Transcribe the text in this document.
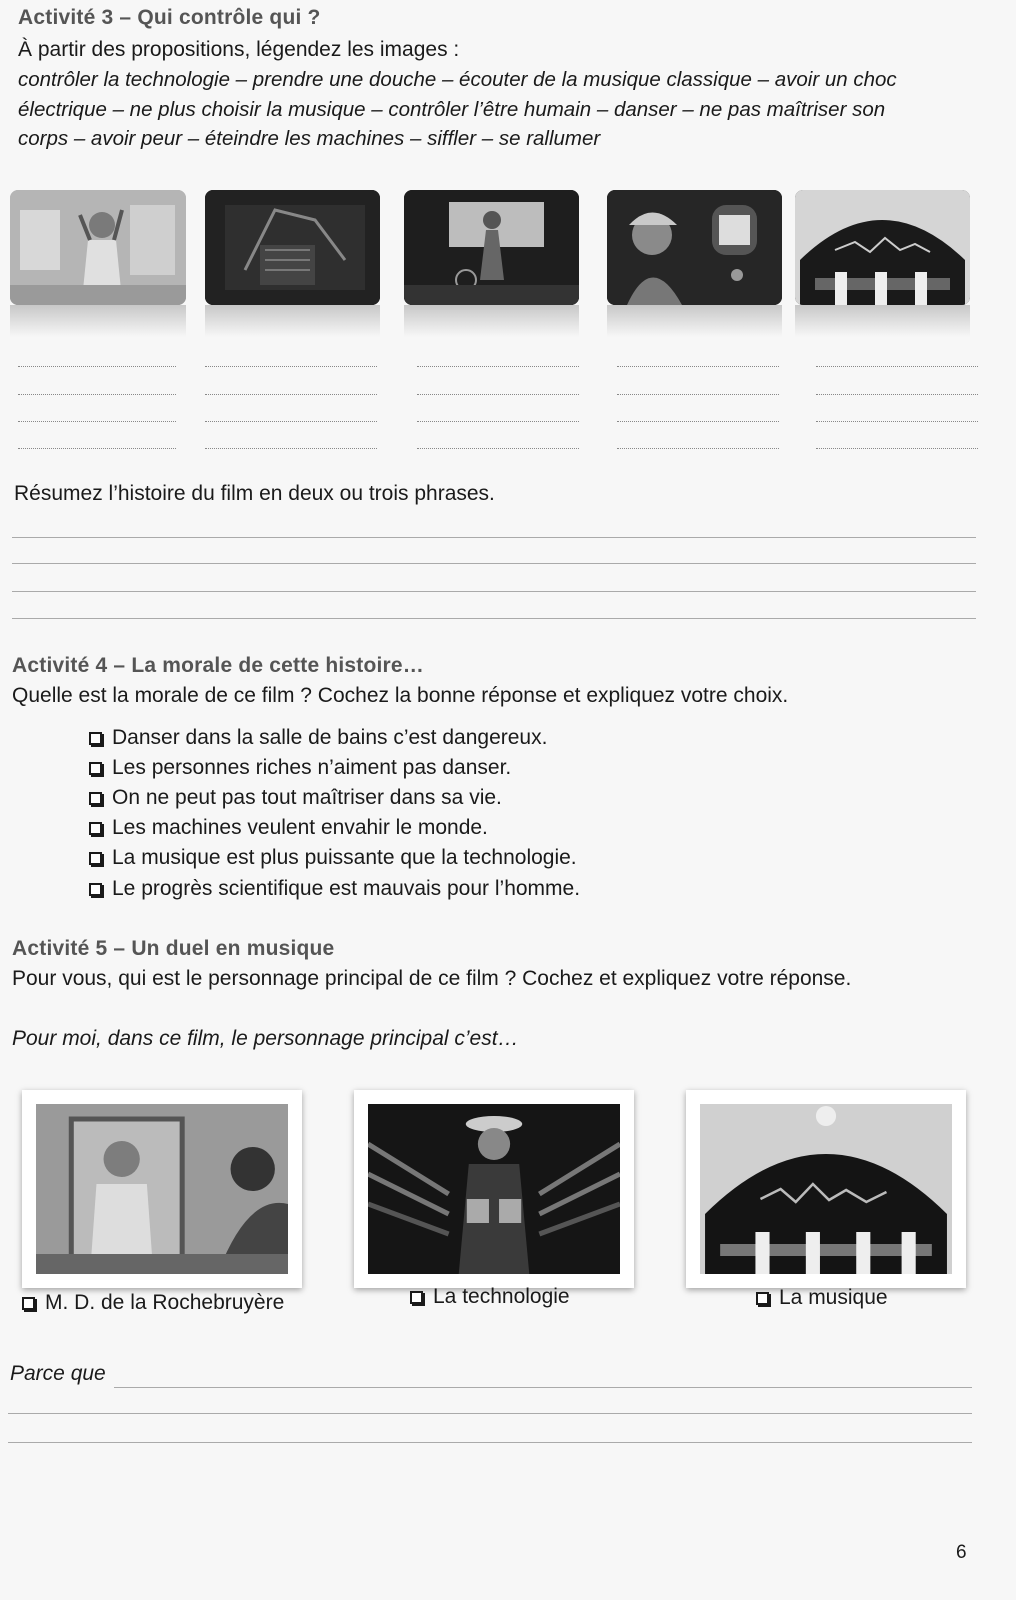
Activité 3 – Qui contrôle qui ?
À partir des propositions, légendez les images :
contrôler la technologie – prendre une douche – écouter de la musique classique – avoir un choc
électrique – ne plus choisir la musique – contrôler l’être humain – danser – ne pas maîtriser son
corps – avoir peur – éteindre les machines – siffler – se rallumer
Résumez l’histoire du film en deux ou trois phrases.
Activité 4 – La morale de cette histoire…
Quelle est la morale de ce film ? Cochez la bonne réponse et expliquez votre choix.
Danser dans la salle de bains c’est dangereux.
Les personnes riches n’aiment pas danser.
On ne peut pas tout maîtriser dans sa vie.
Les machines veulent envahir le monde.
La musique est plus puissante que la technologie.
Le progrès scientifique est mauvais pour l’homme.
Activité 5 – Un duel en musique
Pour vous, qui est le personnage principal de ce film ? Cochez et expliquez votre réponse.
Pour moi, dans ce film, le personnage principal c’est…
M. D. de la Rochebruyère	La technologie	La musique
Parce que
6
